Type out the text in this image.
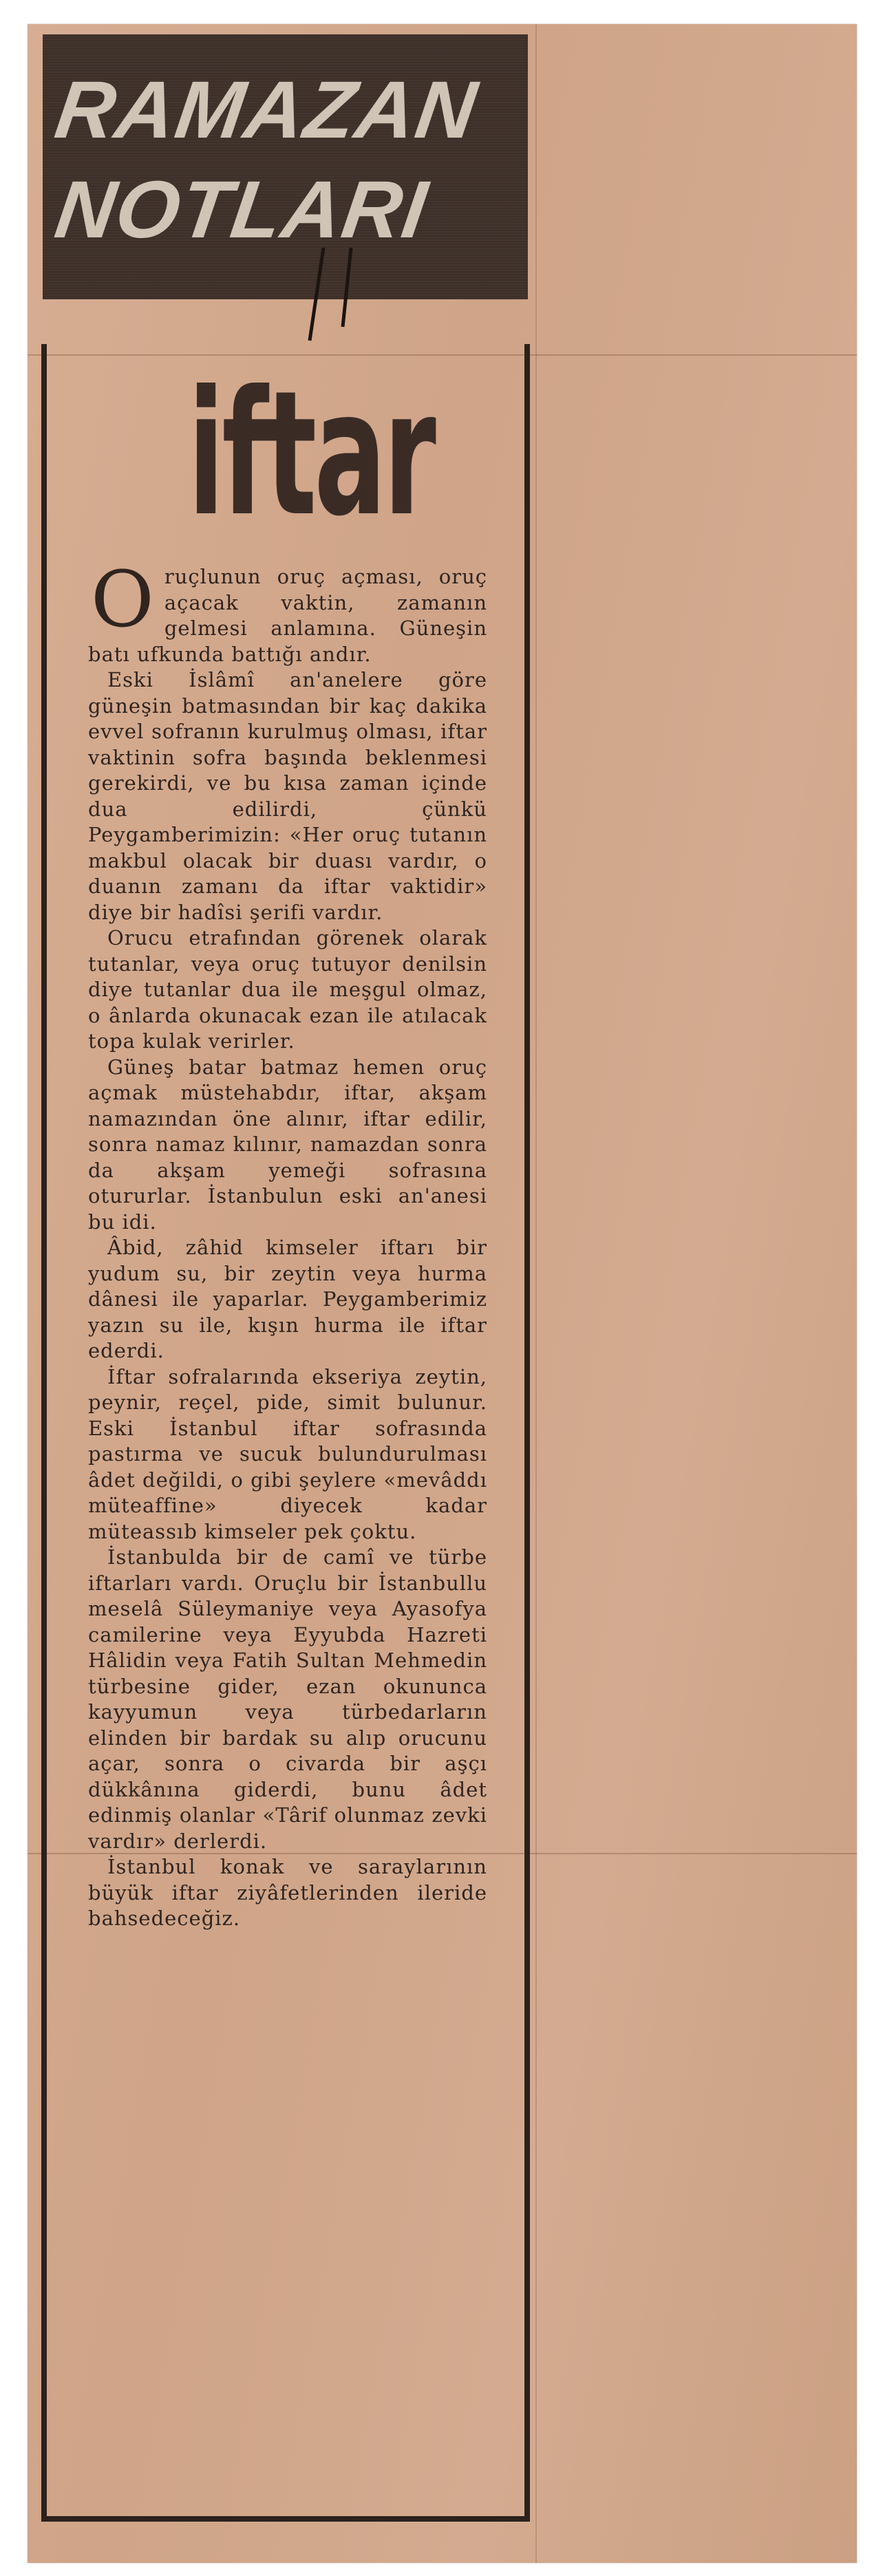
RAMAZAN
NOTLARI
iftar

Oruçlunun oruç açması, oruç açacak vaktin, zamanın gelmesi anlamına. Güneşin batı ufkunda battığı andır.

Eski İslâmî an'anelere göre güneşin batmasından bir kaç dakika evvel sofranın kurulmuş olması, iftar vaktinin sofra başında beklenmesi gerekirdi, ve bu kısa zaman içinde dua edilirdi, çünkü Peygamberimizin: «Her oruç tutanın makbul olacak bir duası vardır, o duanın zamanı da iftar vaktidir» diye bir hadîsi şerifi vardır.

Orucu etrafından görenek olarak tutanlar, veya oruç tutuyor denilsin diye tutanlar dua ile meşgul olmaz, o ânlarda okunacak ezan ile atılacak topa kulak verirler.

Güneş batar batmaz hemen oruç açmak müstehabdır, iftar, akşam namazından öne alınır, iftar edilir, sonra namaz kılınır, namazdan sonra da akşam yemeği sofrasına otururlar. İstanbulun eski an'anesi bu idi.

Âbid, zâhid kimseler iftarı bir yudum su, bir zeytin veya hurma dânesi ile yaparlar. Peygamberimiz yazın su ile, kışın hurma ile iftar ederdi.

İftar sofralarında ekseriya zeytin, peynir, reçel, pide, simit bulunur. Eski İstanbul iftar sofrasında pastırma ve sucuk bulundurulması âdet değildi, o gibi şeylere «mevâddı müteaffine» diyecek kadar müteassıb kimseler pek çoktu.

İstanbulda bir de camî ve türbe iftarları vardı. Oruçlu bir İstanbullu meselâ Süleymaniye veya Ayasofya camilerine veya Eyyubda Hazreti Hâlidin veya Fatih Sultan Mehmedin türbesine gider, ezan okununca kayyumun veya türbedarların elinden bir bardak su alıp orucunu açar, sonra o civarda bir aşçı dükkânına giderdi, bunu âdet edinmiş olanlar «Târif olunmaz zevki vardır» derlerdi.

İstanbul konak ve saraylarının büyük iftar ziyâfetlerinden ileride bahsedeceğiz.
